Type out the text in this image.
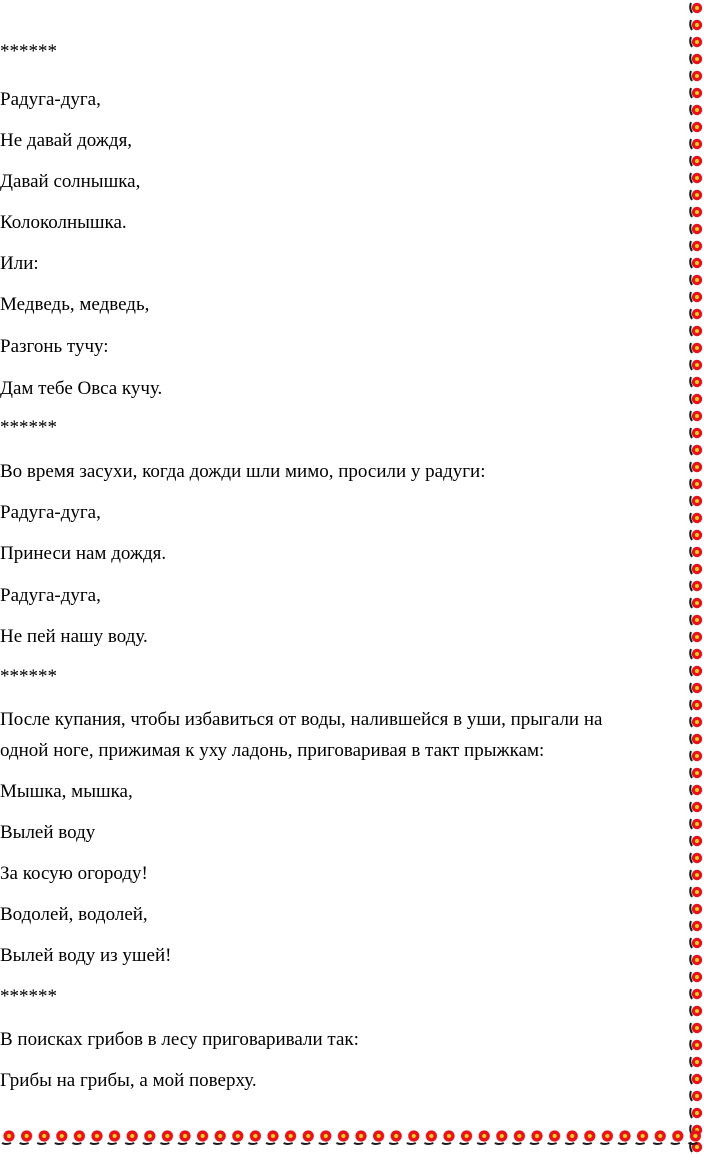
******
Радуга-дуга,
Не давай дождя,
Давай солнышка,
Колоколнышка.
Или:
Медведь, медведь,
Разгонь тучу:
Дам тебе Овса кучу.
******
Во время засухи, когда дожди шли мимо, просили у радуги:
Радуга-дуга,
Принеси нам дождя.
Радуга-дуга,
Не пей нашу воду.
******
После купания, чтобы избавиться от воды, налившейся в уши, прыгали на
одной ноге, прижимая к уху ладонь, приговаривая в такт прыжкам:
Мышка, мышка,
Вылей воду
За косую огороду!
Водолей, водолей,
Вылей воду из ушей!
******
В поисках грибов в лесу приговаривали так:
Грибы на грибы, а мой поверху.
